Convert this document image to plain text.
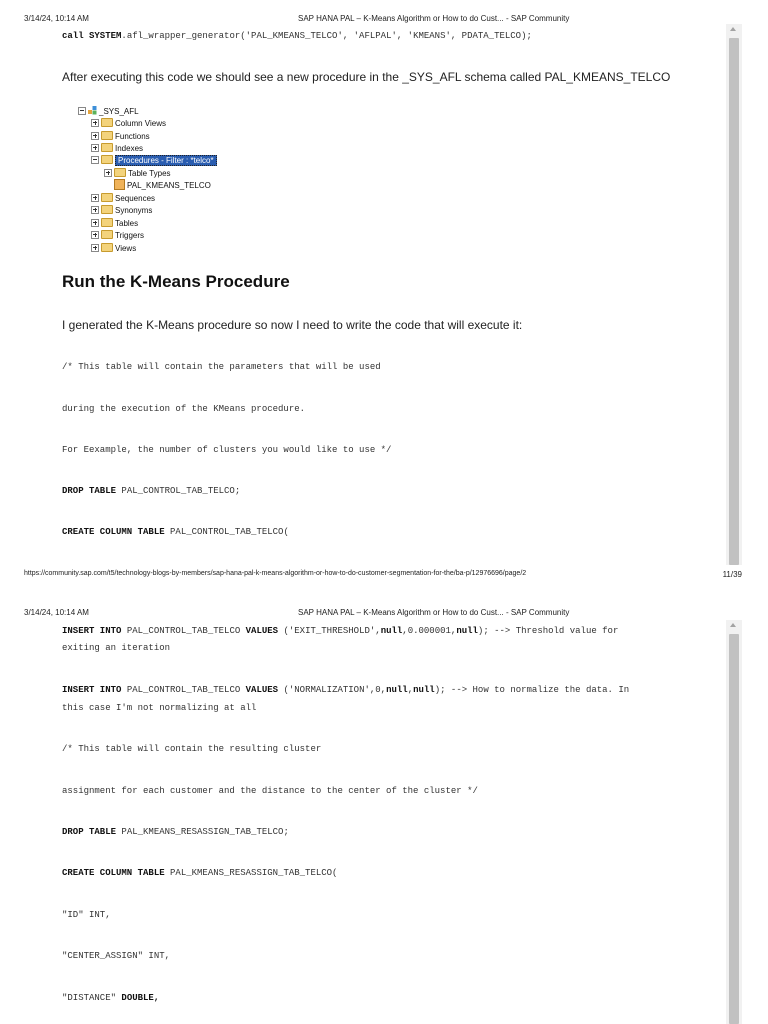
3/14/24, 10:14 AM	SAP HANA PAL – K-Means Algorithm or How to do Cust... - SAP Community
call SYSTEM.afl_wrapper_generator('PAL_KMEANS_TELCO', 'AFLPAL', 'KMEANS', PDATA_TELCO);
After executing this code we should see a new procedure in the _SYS_AFL schema called PAL_KMEANS_TELCO
_SYS_AFL
Column Views
Functions
Indexes
Procedures - Filter : *telco*
Table Types
PAL_KMEANS_TELCO
Sequences
Synonyms
Tables
Triggers
Views
Run the K-Means Procedure
I generated the K-Means procedure so now I need to write the code that will execute it:
/* This table will contain the parameters that will be used
during the execution of the KMeans procedure.
For Eexample, the number of clusters you would like to use */
DROP TABLE PAL_CONTROL_TAB_TELCO;
CREATE COLUMN TABLE PAL_CONTROL_TAB_TELCO(
https://community.sap.com/t5/technology-blogs-by-members/sap-hana-pal-k-means-algorithm-or-how-to-do-customer-segmentation-for-the/ba-p/12976696/page/2	11/39
3/14/24, 10:14 AM	SAP HANA PAL – K-Means Algorithm or How to do Cust... - SAP Community
INSERT INTO PAL_CONTROL_TAB_TELCO VALUES ('EXIT_THRESHOLD',null,0.000001,null); --> Threshold value for
exiting an iteration
INSERT INTO PAL_CONTROL_TAB_TELCO VALUES ('NORMALIZATION',0,null,null); --> How to normalize the data. In
this case I'm not normalizing at all
/* This table will contain the resulting cluster
assignment for each customer and the distance to the center of the cluster */
DROP TABLE PAL_KMEANS_RESASSIGN_TAB_TELCO;
CREATE COLUMN TABLE PAL_KMEANS_RESASSIGN_TAB_TELCO(
"ID" INT,
"CENTER_ASSIGN" INT,
"DISTANCE" DOUBLE,
